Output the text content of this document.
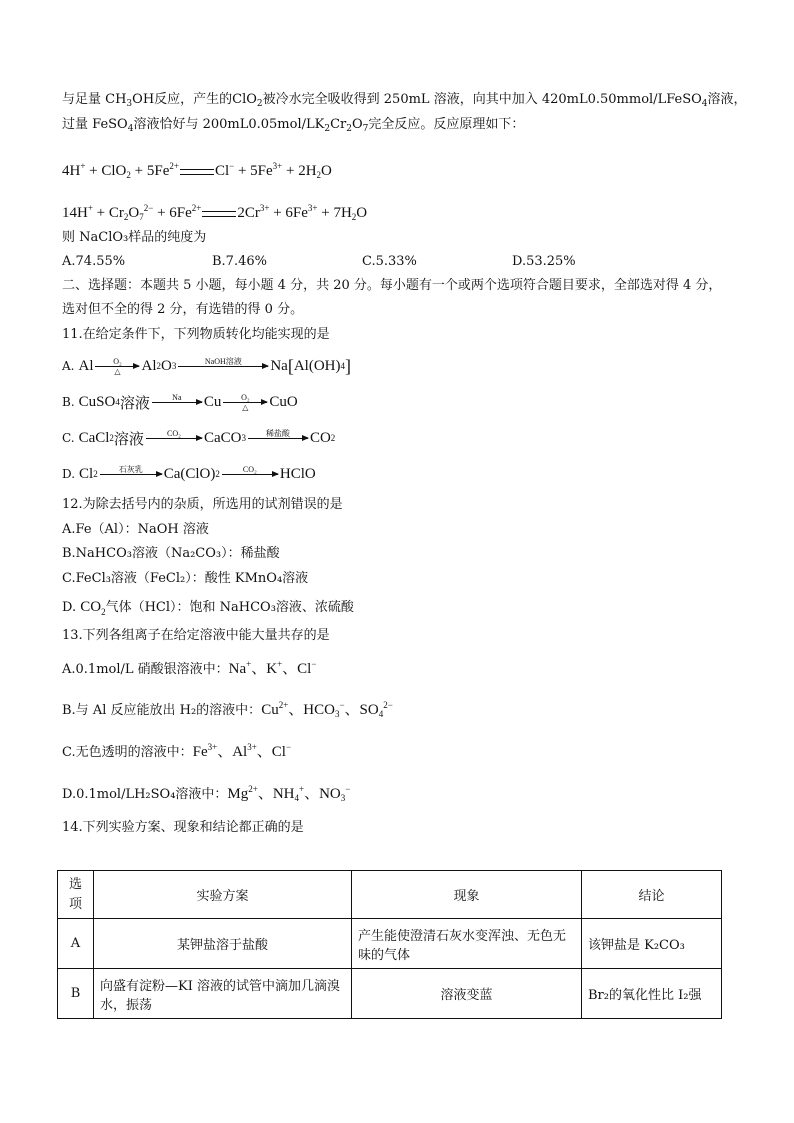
与足量 $CH_3OH$反应，产生的ClO$_2$被冷水完全吸收得到 250mL 溶液，向其中加入 420mL0.50mmol/LFeSO$_4$溶液，
过量 FeSO$_4$溶液恰好与 $200mL0.05mol/LK_2Cr_2O_7$完全反应。反应原理如下：
$4H^+ + ClO_2 + 5Fe^{2+}$ $Cl^- + 5Fe^{3+} + 2H_2O$
$14H^+ + Cr_2O_7^{2-} + 6Fe^{2+}$ $2Cr^{3+} + 6Fe^{3+} + 7H_2O$
则 NaClO₃样品的纯度为
A.74.55%	B.7.46%	C.5.33%	D.53.25%
二、选择题：本题共 5 小题，每小题 4 分，共 20 分。每小题有一个或两个选项符合题目要求，全部选对得 4 分，选对但不全的得 2 分，有选错的得 0 分。
11.在给定条件下，下列物质转化均能实现的是
A. Al	O₂
△	Al 2 O 3	NaOH溶液	Na [ Al(OH) 4 ]
B. CuSO 4 溶液	Na	Cu	O₂
△	CuO
C. CaCl 2 溶液	CO₂	CaCO 3	稀盐酸	CO 2
D. Cl 2	石灰乳	Ca(ClO) 2	CO₂	HClO
12.为除去括号内的杂质，所选用的试剂错误的是
A.Fe（Al）：NaOH 溶液
B.NaHCO₃溶液（Na₂CO₃）：稀盐酸
C.FeCl₃溶液（FeCl₂）：酸性 KMnO₄溶液
D. $CO_2$气体（HCl）：饱和 NaHCO₃溶液、浓硫酸
13.下列各组离子在给定溶液中能大量共存的是
A.0.1mol/L 硝酸银溶液中：Na+、K+、Cl−
B.与 Al 反应能放出 H₂的溶液中：$Cu^{2+}$、$HCO_3^-$、$SO_4^{2-}$
C.无色透明的溶液中：$Fe^{3+}$、$Al^{3+}$、Cl−
D.0.1mol/LH₂SO₄溶液中：$Mg^{2+}$、$NH_4^+$、$NO_3^-$
14.下列实验方案、现象和结论都正确的是
选项	实验方案	现象	结论
A	某钾盐溶于盐酸	产生能使澄清石灰水变浑浊、无色无味的气体	该钾盐是 K₂CO₃
B	向盛有淀粉—KI 溶液的试管中滴加几滴溴水，振荡	溶液变蓝	Br₂的氧化性比 I₂强
